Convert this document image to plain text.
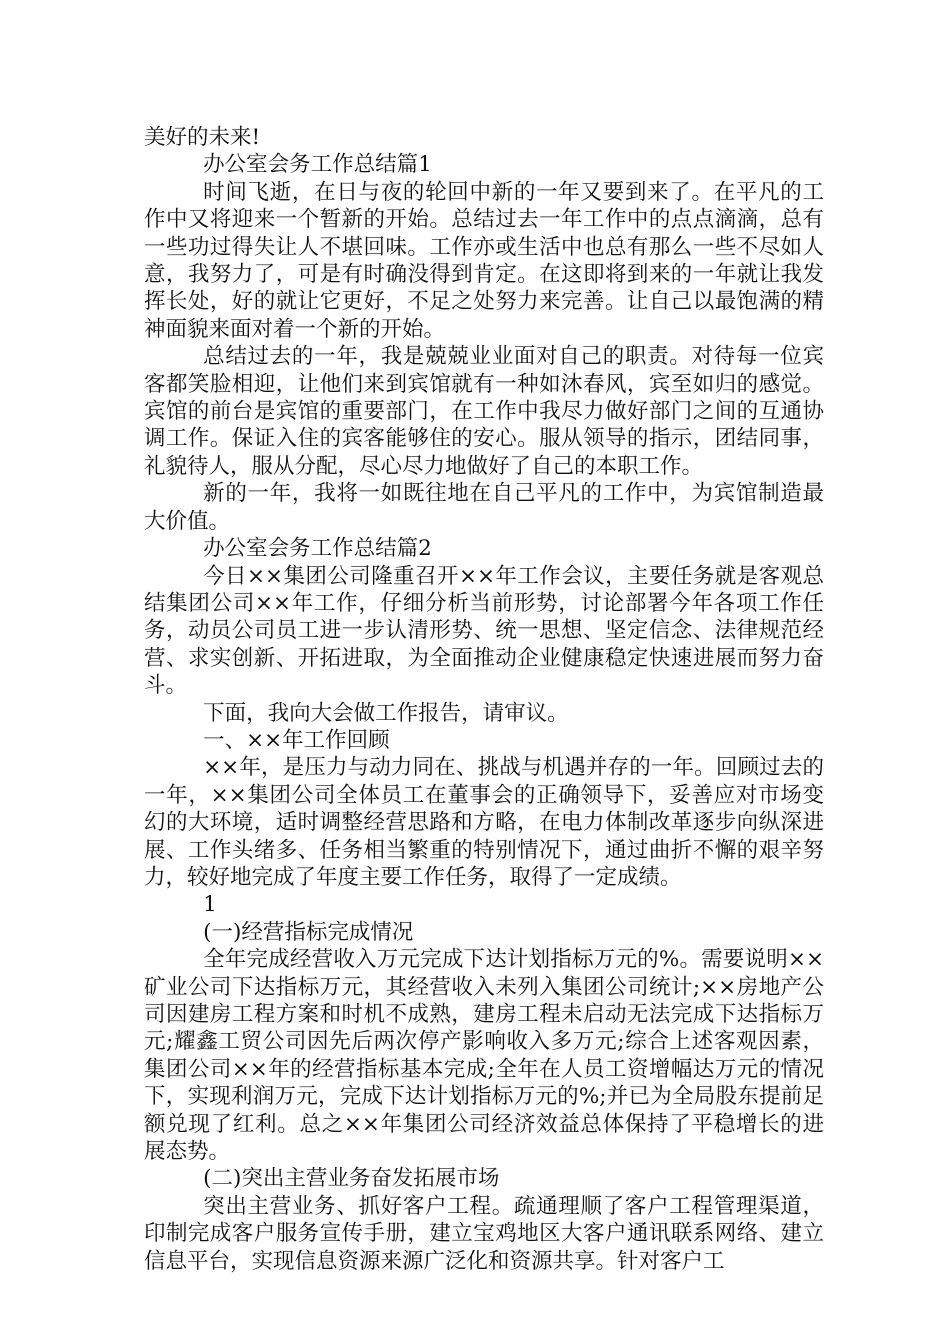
美好的未来!

办公室会务工作总结篇1

时间飞逝，在日与夜的轮回中新的一年又要到来了。在平凡的工作中又将迎来一个暂新的开始。总结过去一年工作中的点点滴滴，总有一些功过得失让人不堪回味。工作亦或生活中也总有那么一些不尽如人意，我努力了，可是有时确没得到肯定。在这即将到来的一年就让我发挥长处，好的就让它更好，不足之处努力来完善。让自己以最饱满的精神面貌来面对着一个新的开始。

总结过去的一年，我是兢兢业业面对自己的职责。对待每一位宾客都笑脸相迎，让他们来到宾馆就有一种如沐春风，宾至如归的感觉。宾馆的前台是宾馆的重要部门，在工作中我尽力做好部门之间的互通协调工作。保证入住的宾客能够住的安心。服从领导的指示，团结同事，礼貌待人，服从分配，尽心尽力地做好了自己的本职工作。

新的一年，我将一如既往地在自己平凡的工作中，为宾馆制造最大价值。

办公室会务工作总结篇2

今日××集团公司隆重召开××年工作会议，主要任务就是客观总结集团公司××年工作，仔细分析当前形势，讨论部署今年各项工作任务，动员公司员工进一步认清形势、统一思想、坚定信念、法律规范经营、求实创新、开拓进取，为全面推动企业健康稳定快速进展而努力奋斗。

下面，我向大会做工作报告，请审议。

一、××年工作回顾

××年，是压力与动力同在、挑战与机遇并存的一年。回顾过去的一年，××集团公司全体员工在董事会的正确领导下，妥善应对市场变幻的大环境，适时调整经营思路和方略，在电力体制改革逐步向纵深进展、工作头绪多、任务相当繁重的特别情况下，通过曲折不懈的艰辛努力，较好地完成了年度主要工作任务，取得了一定成绩。

1

(一)经营指标完成情况

全年完成经营收入万元完成下达计划指标万元的%。需要说明××矿业公司下达指标万元，其经营收入未列入集团公司统计;××房地产公司因建房工程方案和时机不成熟，建房工程未启动无法完成下达指标万元;耀鑫工贸公司因先后两次停产影响收入多万元;综合上述客观因素，集团公司××年的经营指标基本完成;全年在人员工资增幅达万元的情况下，实现利润万元，完成下达计划指标万元的%;并已为全局股东提前足额兑现了红利。总之××年集团公司经济效益总体保持了平稳增长的进展态势。

(二)突出主营业务奋发拓展市场

突出主营业务、抓好客户工程。疏通理顺了客户工程管理渠道，印制完成客户服务宣传手册，建立宝鸡地区大客户通讯联系网络、建立信息平台，实现信息资源来源广泛化和资源共享。针对客户工
